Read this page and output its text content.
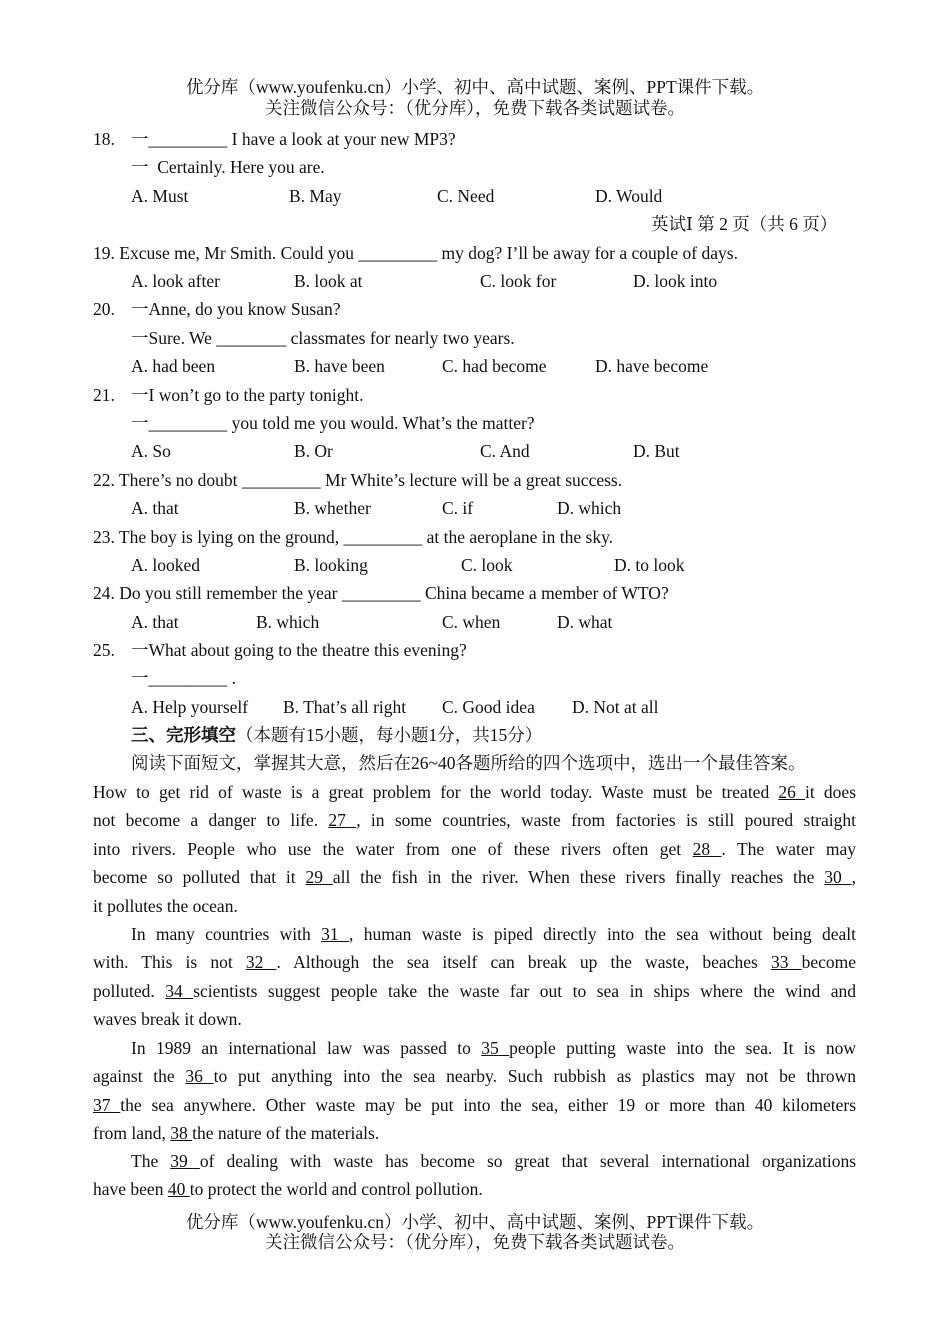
优分库（www.youfenku.cn）小学、初中、高中试题、案例、PPT课件下载。
关注微信公众号：（优分库），免费下载各类试题试卷。
18. 一_________ I have a look at your new MP3?
一  Certainly. Here you are.
A. Must	B. May	C. Need	D. Would
英试Ⅰ 第 2 页（共 6 页）
19. Excuse me, Mr Smith. Could you _________ my dog? I’ll be away for a couple of days.
A. look after	B. look at	C. look for	D. look into
20. 一Anne, do you know Susan?
一Sure. We ________ classmates for nearly two years.
A. had been	B. have been	C. had become	D. have become
21. 一I won’t go to the party tonight.
一_________ you told me you would. What’s the matter?
A. So	B. Or	C. And	D. But
22. There’s no doubt _________ Mr White’s lecture will be a great success.
A. that	B. whether	C. if	D. which
23. The boy is lying on the ground, _________ at the aeroplane in the sky.
A. looked	B. looking	C. look	D. to look
24. Do you still remember the year _________ China became a member of WTO?
A. that	B. which	C. when	D. what
25. 一What about going to the theatre this evening?
一_________ .
A. Help yourself B. That’s all right C. Good idea D. Not at all
三、完形填空（本题有15小题，每小题1分，共15分）
阅读下面短文，掌握其大意，然后在26~40各题所给的四个选项中，选出一个最佳答案。
How to get rid of waste is a great problem for the world today. Waste must be treated 26 it does
not become a danger to life. 27 , in some countries, waste from factories is still poured straight
into rivers. People who use the water from one of these rivers often get 28 . The water may
become so polluted that it 29 all the fish in the river. When these rivers finally reaches the 30 ,
it pollutes the ocean.
In many countries with 31 , human waste is piped directly into the sea without being dealt
with. This is not 32 . Although the sea itself can break up the waste, beaches 33 become
polluted. 34 scientists suggest people take the waste far out to sea in ships where the wind and
waves break it down.
In 1989 an international law was passed to 35 people putting waste into the sea. It is now
against the 36 to put anything into the sea nearby. Such rubbish as plastics may not be thrown
37 the sea anywhere. Other waste may be put into the sea, either 19 or more than 40 kilometers
from land, 38 the nature of the materials.
The 39 of dealing with waste has become so great that several international organizations
have been 40 to protect the world and control pollution.
优分库（www.youfenku.cn）小学、初中、高中试题、案例、PPT课件下载。
关注微信公众号：（优分库），免费下载各类试题试卷。
